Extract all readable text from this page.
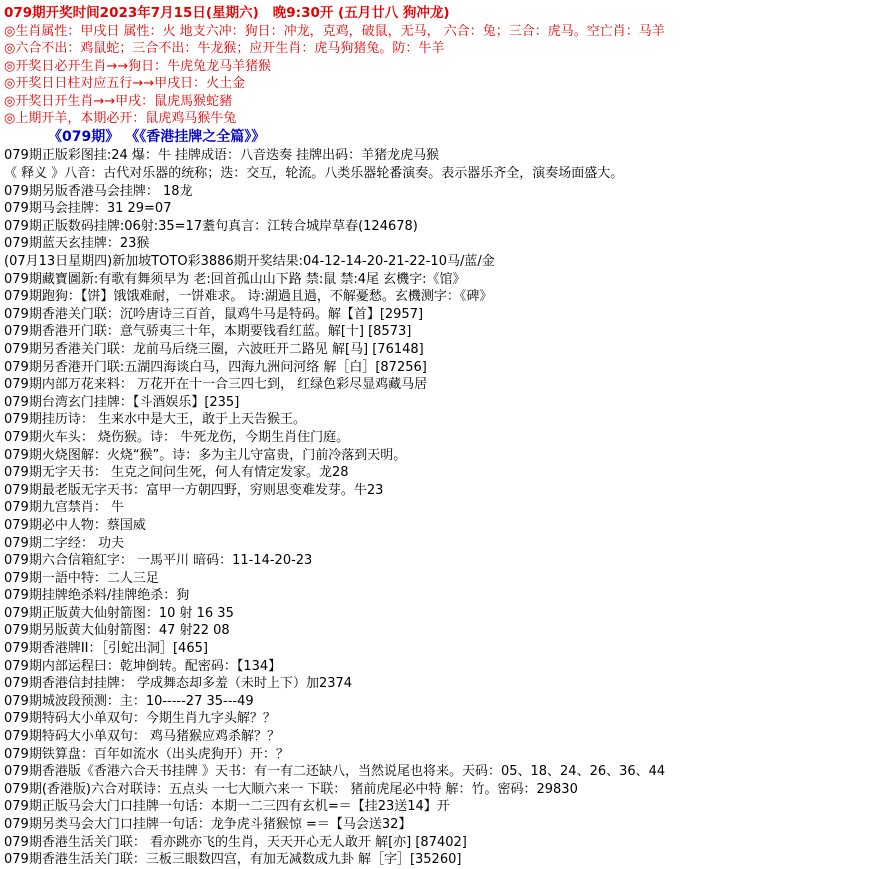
079期开奖时间2023年7月15日(星期六) 晚9:30开 (五月廿八 狗冲龙)
◎生肖属性：甲戌日 属性：火 地支六冲：狗日：冲龙，克鸡，破鼠，无马， 六合：兔；三合：虎马。空亡肖：马羊
◎六合不出：鸡鼠蛇；三合不出：牛龙猴；应开生肖：虎马狗猪兔。防：牛羊
◎开奖日必开生肖→→狗日：牛虎兔龙马羊猪猴
◎开奖日日柱对应五行→→甲戌日：火土金
◎开奖日开生肖→→甲戌：鼠虎馬猴蛇豬
◎上期开羊，本期必开：鼠虎鸡马猴牛兔
《079期》 《《香港挂牌之全篇》》
079期正版彩图挂:24 爆：牛 挂牌成语：八音迭奏 挂牌出码：羊猪龙虎马猴
《 释义 》八音：古代对乐器的统称；迭：交互，轮流。八类乐器轮番演奏。表示器乐齐全，演奏场面盛大。
079期另版香港马会挂牌： 18龙
079期马会挂牌：31 29=07
079期正版数码挂牌:06射:35=17耋句真言：江转合城岸草春(124678)
079期蓝天玄挂牌：23猴
(07月13日星期四)新加坡TOTO彩3886期开奖结果:04-12-14-20-21-22-10马/蓝/金
079期藏寶圖新:有歌有舞须早为 老:回首孤山山下路 禁:鼠 禁:4尾 玄機字:《馆》
079期跑狗：【饼】饿饿难耐，一饼难求。 诗:湖過且過，不解憂愁。玄機测字：《碑》
079期香港关门联：沉吟唐诗三百首，鼠鸡牛马是特码。解【首】[2957]
079期香港开门联：意气骄夷三十年，本期要钱看红蓝。解[十] [8573]
079期另香港关门联：龙前马后绕三圈，六波旺开二路见 解[马] [76148]
079期另香港开门联:五湖四海谈白马，四海九洲问河络 解［白］[87256]
079期内部万花来料： 万花开在十一合三四七到， 红绿色彩尽显鸡藏马居
079期台湾玄门挂牌：【斗酒娱乐】[235]
079期挂历诗： 生来水中是大王，敢于上天告猴王。
079期火车头： 烧伤猴。诗： 牛死龙伤，今期生肖住门庭。
079期火烧图解：火烧“猴”。诗：多为主儿守富贵，门前冷落到天明。
079期无字天书： 生克之间问生死，何人有情定发家。龙28
079期最老版无字天书：富甲一方朝四野，穷则思变难发芽。牛23
079期九宫禁肖： 牛
079期必中人物：蔡国威
079期二字经： 功夫
079期六合信箱紅字： 一馬平川 暗码：11-14-20-23
079期一語中特：二人三足
079期挂牌绝杀料/挂牌绝杀：狗
079期正版黄大仙射箭图：10 射 16 35
079期另版黄大仙射箭图：47 射22 08
079期香港牌II：［引蛇出洞］[465]
079期内部运程曰：乾坤倒转。配密码：【134】
079期香港信封挂牌： 学成舞态却多羞（未时上下）加2374
079期城波段预测：主：10-----27 35---49
079期特码大小单双句：今期生肖九字头解？？
079期特码大小单双句： 鸡马猪猴应鸡杀解？？
079期铁算盘：百年如流水（出头虎狗开）开：？
079期香港版《香港六合天书挂牌 》天书：有一有二还缺八，当然说尾也将来。天码：05、18、24、26、36、44
079期(香港版)六合对联诗：五点头 一七大顺六来一 下联： 猪前虎尾必中特 解：竹。密码：29830
079期正版马会大门口挂牌一句话：本期一二三四有玄机=＝【挂23送14】开
079期另类马会大门口挂牌一句话：龙争虎斗猪猴惊 =＝【马会送32】
079期香港生活关门联： 看亦跳亦飞的生肖，天天开心无人敢开 解[亦] [87402]
079期香港生活关门联：三板三眼数四宫，有加无减数成九卦 解［字］[35260]
